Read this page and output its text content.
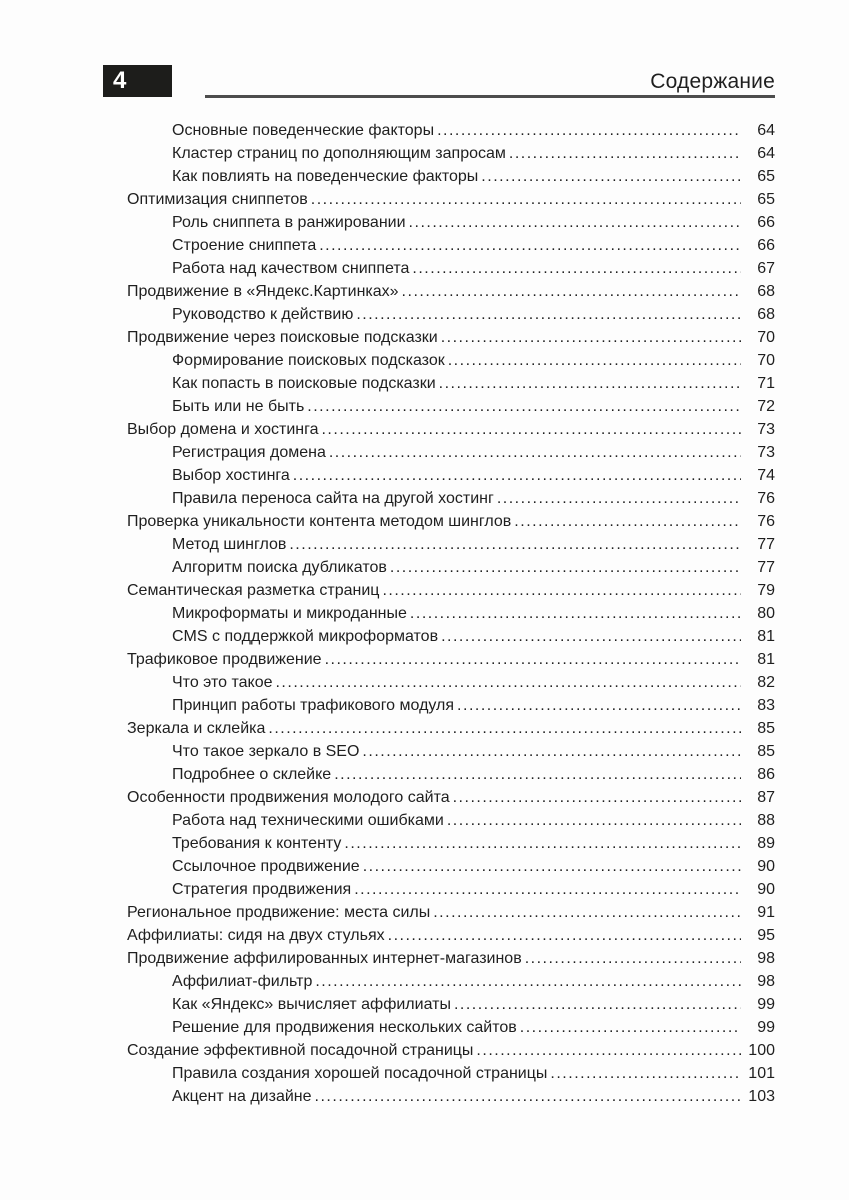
4	Содержание
Основные поведенческие факторы .....	64
Кластер страниц по дополняющим запросам .....	64
Как повлиять на поведенческие факторы .....	65
Оптимизация сниппетов .....	65
Роль сниппета в ранжировании .....	66
Строение сниппета .....	66
Работа над качеством сниппета .....	67
Продвижение в «Яндекс.Картинках» .....	68
Руководство к действию .....	68
Продвижение через поисковые подсказки .....	70
Формирование поисковых подсказок .....	70
Как попасть в поисковые подсказки .....	71
Быть или не быть .....	72
Выбор домена и хостинга .....	73
Регистрация домена .....	73
Выбор хостинга .....	74
Правила переноса сайта на другой хостинг .....	76
Проверка уникальности контента методом шинглов .....	76
Метод шинглов .....	77
Алгоритм поиска дубликатов .....	77
Семантическая разметка страниц .....	79
Микроформаты и микроданные .....	80
CMS с поддержкой микроформатов .....	81
Трафиковое продвижение .....	81
Что это такое .....	82
Принцип работы трафикового модуля .....	83
Зеркала и склейка .....	85
Что такое зеркало в SEO .....	85
Подробнее о склейке .....	86
Особенности продвижения молодого сайта .....	87
Работа над техническими ошибками .....	88
Требования к контенту .....	89
Ссылочное продвижение .....	90
Стратегия продвижения .....	90
Региональное продвижение: места силы .....	91
Аффилиаты: сидя на двух стульях .....	95
Продвижение аффилированных интернет-магазинов .....	98
Аффилиат-фильтр .....	98
Как «Яндекс» вычисляет аффилиаты .....	99
Решение для продвижения нескольких сайтов .....	99
Создание эффективной посадочной страницы .....	100
Правила создания хорошей посадочной страницы .....	101
Акцент на дизайне .....	103
